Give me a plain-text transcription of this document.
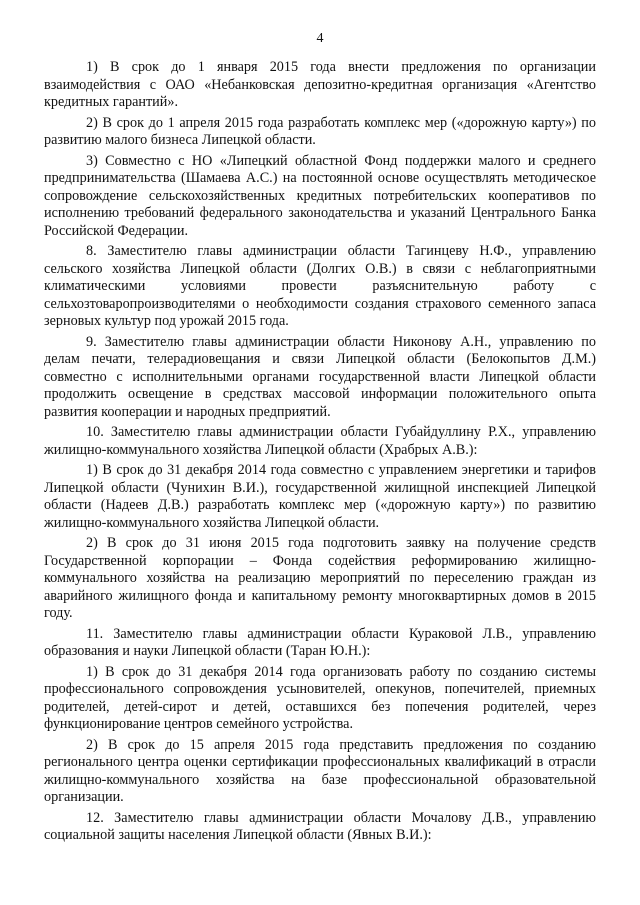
4

1) В срок до 1 января 2015 года внести предложения по организации взаимодействия с ОАО «Небанковская депозитно-кредитная организация «Агентство кредитных гарантий».

2) В срок до 1 апреля 2015 года разработать комплекс мер («дорожную карту») по развитию малого бизнеса Липецкой области.

3) Совместно с НО «Липецкий областной Фонд поддержки малого и среднего предпринимательства (Шамаева А.С.) на постоянной основе осуществлять методическое сопровождение сельскохозяйственных кредитных потребительских кооперативов по исполнению требований федерального законодательства и указаний Центрального Банка Российской Федерации.

8. Заместителю главы администрации области Тагинцеву Н.Ф., управлению сельского хозяйства Липецкой области (Долгих О.В.) в связи с неблагоприятными климатическими условиями провести разъяснительную работу с сельхозтоваропроизводителями о необходимости создания страхового семенного запаса зерновых культур под урожай 2015 года.

9. Заместителю главы администрации области Никонову А.Н., управлению по делам печати, телерадиовещания и связи Липецкой области (Белокопытов Д.М.) совместно с исполнительными органами государственной власти Липецкой области продолжить освещение в средствах массовой информации положительного опыта развития кооперации и народных предприятий.

10. Заместителю главы администрации области Губайдуллину Р.Х., управлению жилищно-коммунального хозяйства Липецкой области (Храбрых А.В.):

1) В срок до 31 декабря 2014 года совместно с управлением энергетики и тарифов Липецкой области (Чунихин В.И.), государственной жилищной инспекцией Липецкой области (Надеев Д.В.) разработать комплекс мер («дорожную карту») по развитию жилищно-коммунального хозяйства Липецкой области.

2) В срок до 31 июня 2015 года подготовить заявку на получение средств Государственной корпорации – Фонда содействия реформированию жилищно-коммунального хозяйства на реализацию мероприятий по переселению граждан из аварийного жилищного фонда и капитальному ремонту многоквартирных домов в 2015 году.

11. Заместителю главы администрации области Кураковой Л.В., управлению образования и науки Липецкой области (Таран Ю.Н.):

1) В срок до 31 декабря 2014 года организовать работу по созданию системы профессионального сопровождения усыновителей, опекунов, попечителей, приемных родителей, детей-сирот и детей, оставшихся без попечения родителей, через функционирование центров семейного устройства.

2) В срок до 15 апреля 2015 года представить предложения по созданию регионального центра оценки сертификации профессиональных квалификаций в отрасли жилищно-коммунального хозяйства на базе профессиональной образовательной организации.

12. Заместителю главы администрации области Мочалову Д.В., управлению социальной защиты населения Липецкой области (Явных В.И.):
